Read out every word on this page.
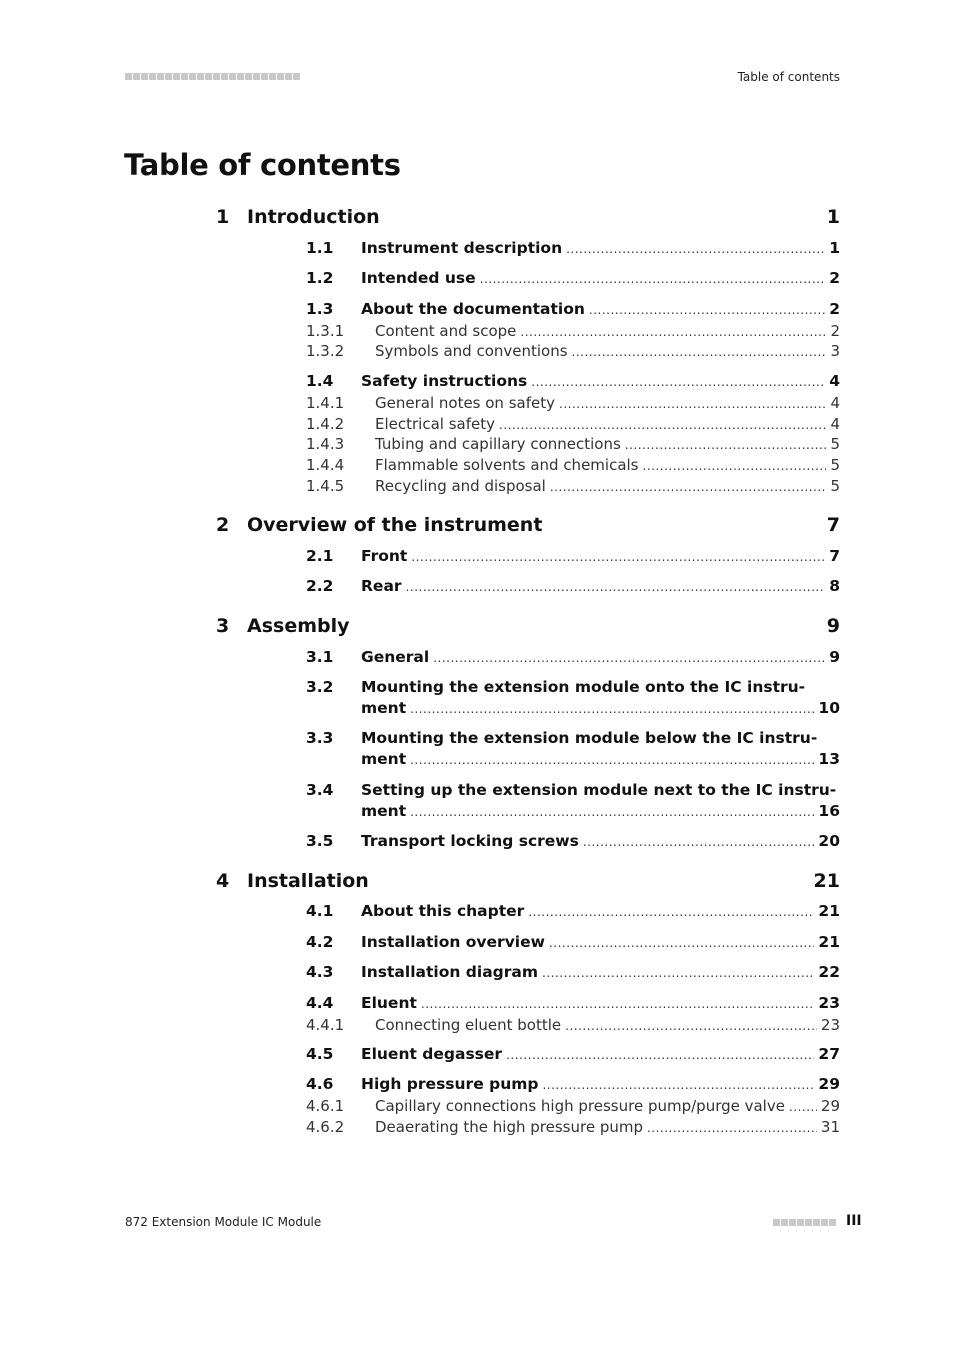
Table of contents
Table of contents
1 Introduction	1
1.1 Instrument description .....	1
1.2 Intended use .....	2
1.3 About the documentation .....	2
1.3.1 Content and scope .....	2
1.3.2 Symbols and conventions .....	3
1.4 Safety instructions .....	4
1.4.1 General notes on safety .....	4
1.4.2 Electrical safety .....	4
1.4.3 Tubing and capillary connections .....	5
1.4.4 Flammable solvents and chemicals .....	5
1.4.5 Recycling and disposal .....	5
2 Overview of the instrument	7
2.1 Front .....	7
2.2 Rear .....	8
3 Assembly	9
3.1 General .....	9
3.2 Mounting the extension module onto the IC instru-
ment .....	10
3.3 Mounting the extension module below the IC instru-
ment .....	13
3.4 Setting up the extension module next to the IC instru-
ment .....	16
3.5 Transport locking screws .....	20
4 Installation	21
4.1 About this chapter .....	21
4.2 Installation overview .....	21
4.3 Installation diagram .....	22
4.4 Eluent .....	23
4.4.1 Connecting eluent bottle .....	23
4.5 Eluent degasser .....	27
4.6 High pressure pump .....	29
4.6.1 Capillary connections high pressure pump/purge valve ..... 29
4.6.2 Deaerating the high pressure pump .....	31
872 Extension Module IC Module	III
